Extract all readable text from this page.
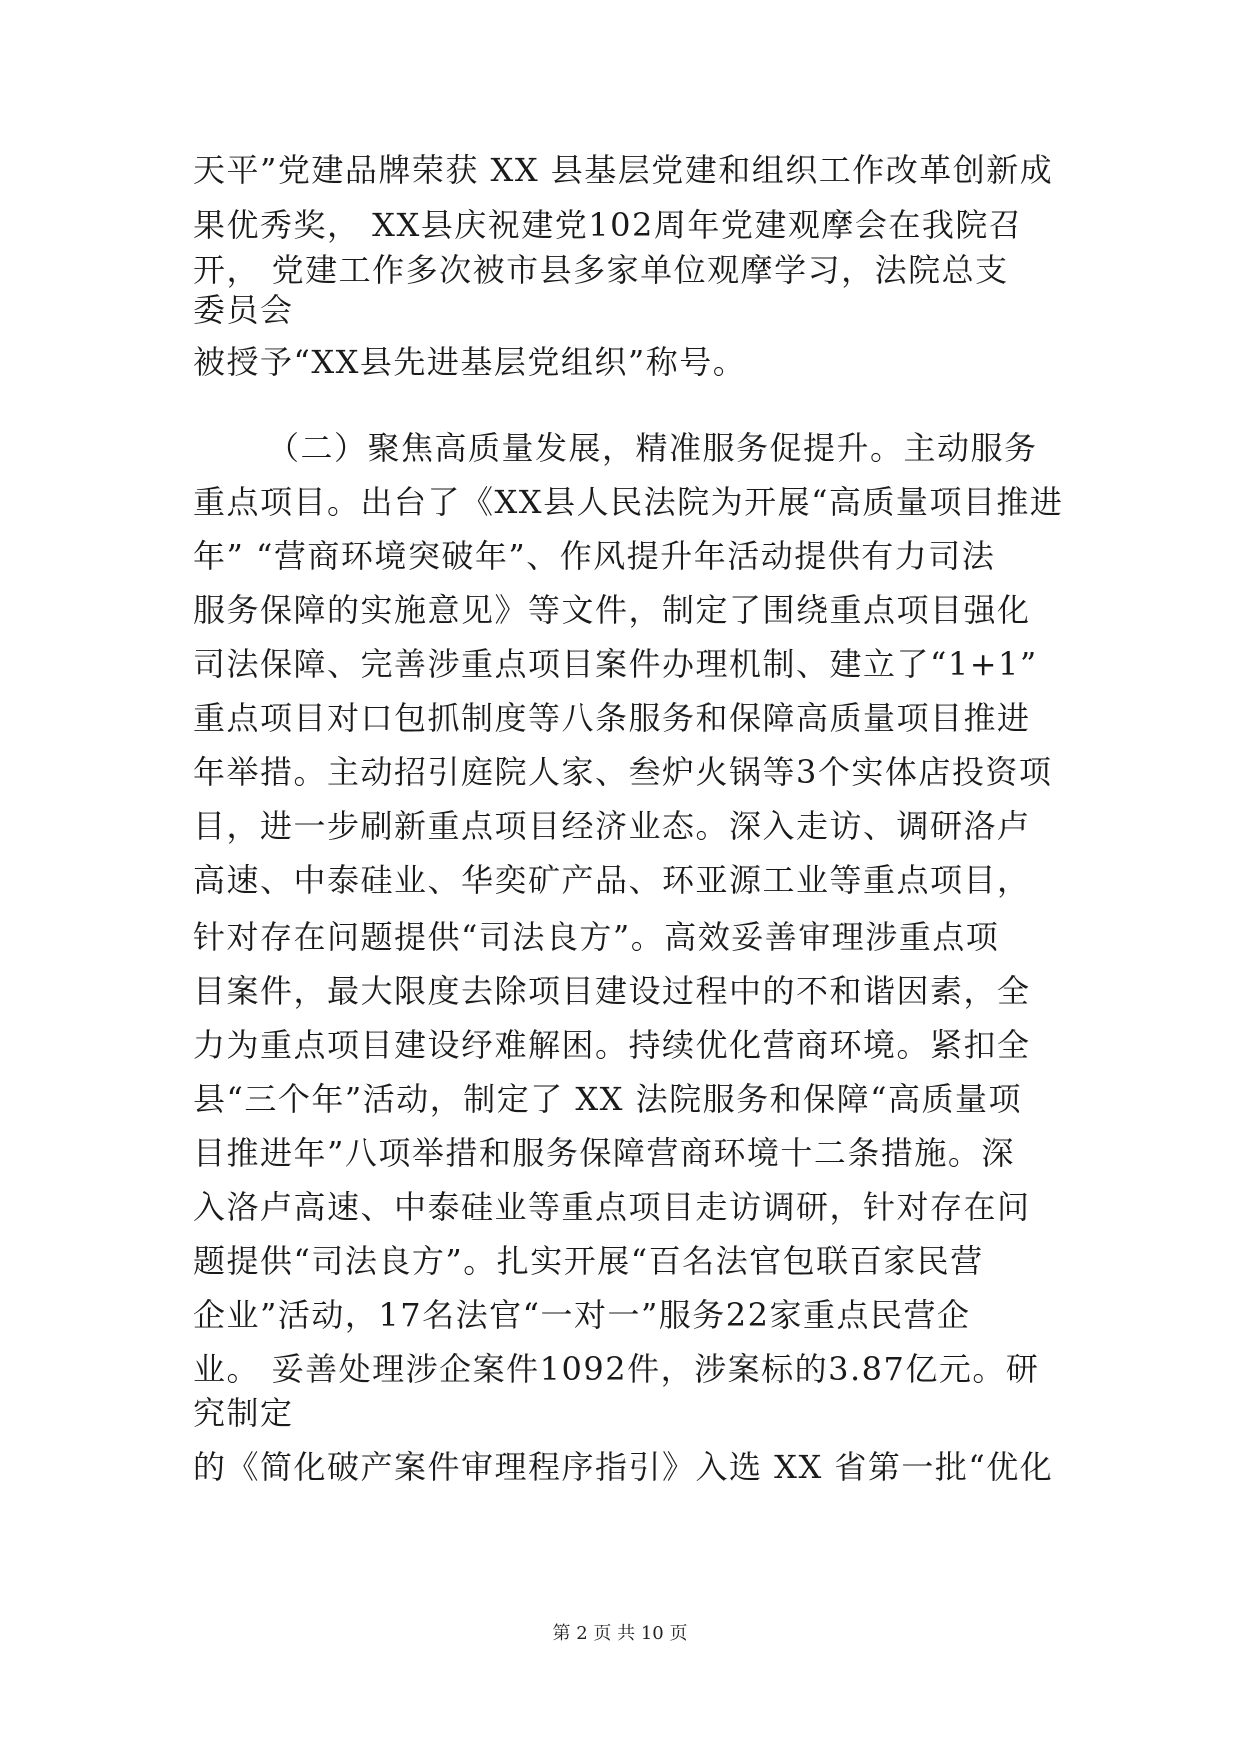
天平”党建品牌荣获 XX 县基层党建和组织工作改革创新成
果优秀奖， XX县庆祝建党102周年党建观摩会在我院召
开， 党建工作多次被市县多家单位观摩学习，法院总支
委员会
被授予“XX县先进基层党组织”称号。
（二）聚焦高质量发展，精准服务促提升。主动服务
重点项目。出台了《XX县人民法院为开展“高质量项目推进
年” “营商环境突破年”、作风提升年活动提供有力司法
服务保障的实施意见》等文件，制定了围绕重点项目强化
司法保障、完善涉重点项目案件办理机制、建立了“1+1”
重点项目对口包抓制度等八条服务和保障高质量项目推进
年举措。主动招引庭院人家、叁炉火锅等3个实体店投资项
目，进一步刷新重点项目经济业态。深入走访、调研洛卢
高速、中泰硅业、华奕矿产品、环亚源工业等重点项目，
针对存在问题提供“司法良方”。高效妥善审理涉重点项
目案件，最大限度去除项目建设过程中的不和谐因素，全
力为重点项目建设纾难解困。持续优化营商环境。紧扣全
县“三个年”活动，制定了 XX 法院服务和保障“高质量项
目推进年”八项举措和服务保障营商环境十二条措施。深
入洛卢高速、中泰硅业等重点项目走访调研，针对存在问
题提供“司法良方”。扎实开展“百名法官包联百家民营
企业”活动，17名法官“一对一”服务22家重点民营企
业。 妥善处理涉企案件1092件，涉案标的3.87亿元。研
究制定
的《简化破产案件审理程序指引》入选 XX 省第一批“优化
第 2 页 共 10 页
